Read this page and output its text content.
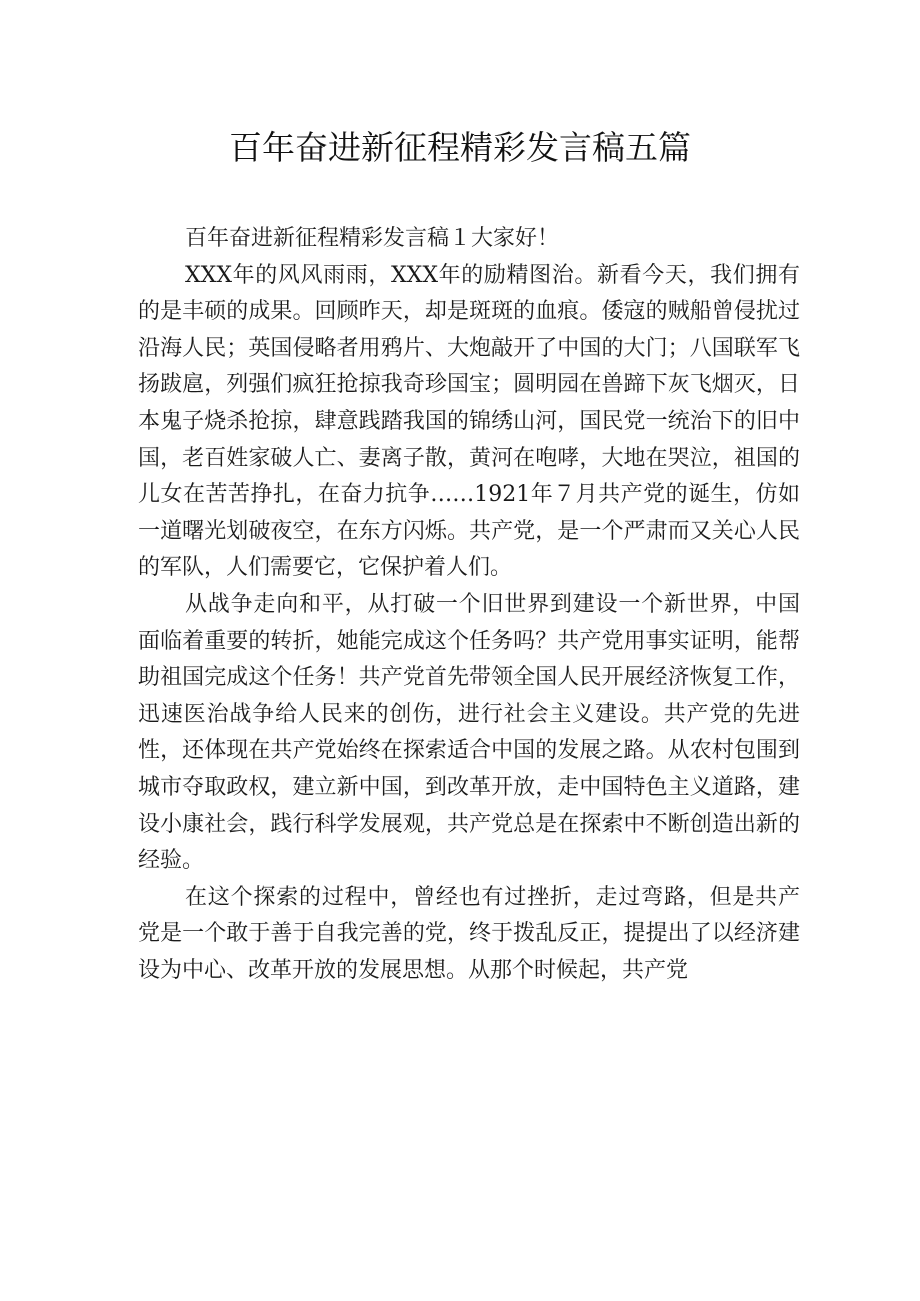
百年奋进新征程精彩发言稿五篇

百年奋进新征程精彩发言稿１大家好！

XXX年的风风雨雨，XXX年的励精图治。新看今天，我们拥有的是丰硕的成果。回顾昨天，却是斑斑的血痕。倭寇的贼船曾侵扰过沿海人民；英国侵略者用鸦片、大炮敲开了中国的大门；八国联军飞扬跋扈，列强们疯狂抢掠我奇珍国宝；圆明园在兽蹄下灰飞烟灭，日本鬼子烧杀抢掠，肆意践踏我国的锦绣山河，国民党一统治下的旧中国，老百姓家破人亡、妻离子散，黄河在咆哮，大地在哭泣，祖国的儿女在苦苦挣扎，在奋力抗争……1921年７月共产党的诞生，仿如一道曙光划破夜空，在东方闪烁。共产党，是一个严肃而又关心人民的军队，人们需要它，它保护着人们。

从战争走向和平，从打破一个旧世界到建设一个新世界，中国面临着重要的转折，她能完成这个任务吗？共产党用事实证明，能帮助祖国完成这个任务！共产党首先带领全国人民开展经济恢复工作，迅速医治战争给人民来的创伤，进行社会主义建设。共产党的先进性，还体现在共产党始终在探索适合中国的发展之路。从农村包围到城市夺取政权，建立新中国，到改革开放，走中国特色主义道路，建设小康社会，践行科学发展观，共产党总是在探索中不断创造出新的经验。

在这个探索的过程中，曾经也有过挫折，走过弯路，但是共产党是一个敢于善于自我完善的党，终于拨乱反正，提提出了以经济建设为中心、改革开放的发展思想。从那个时候起，共产党
